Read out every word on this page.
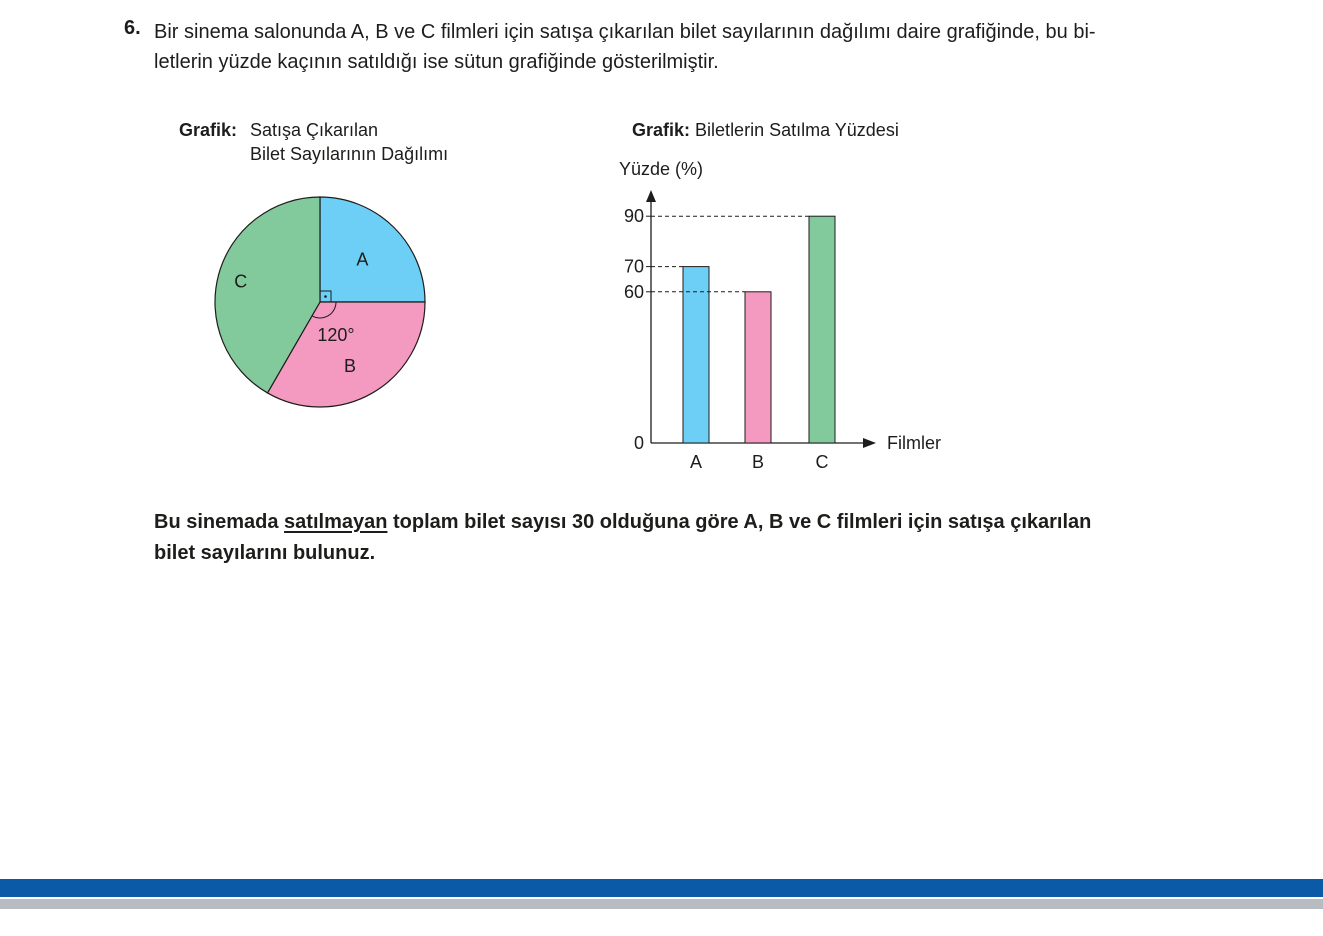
6. Bir sinema salonunda A, B ve C filmleri için satışa çıkarılan bilet sayılarının dağılımı daire grafiğinde, bu bi-
letlerin yüzde kaçının satıldığı ise sütun grafiğinde gösterilmiştir.
Grafik: Satışa Çıkarılan
Bilet Sayılarının Dağılımı
Grafik: Biletlerin Satılma Yüzdesi
A
B
120°
C
Yüzde (%)
Filmler
0
60
70
90
A	B	C
Bu sinemada satılmayan toplam bilet sayısı 30 olduğuna göre A, B ve C filmleri için satışa çıkarılan
bilet sayılarını bulunuz.
